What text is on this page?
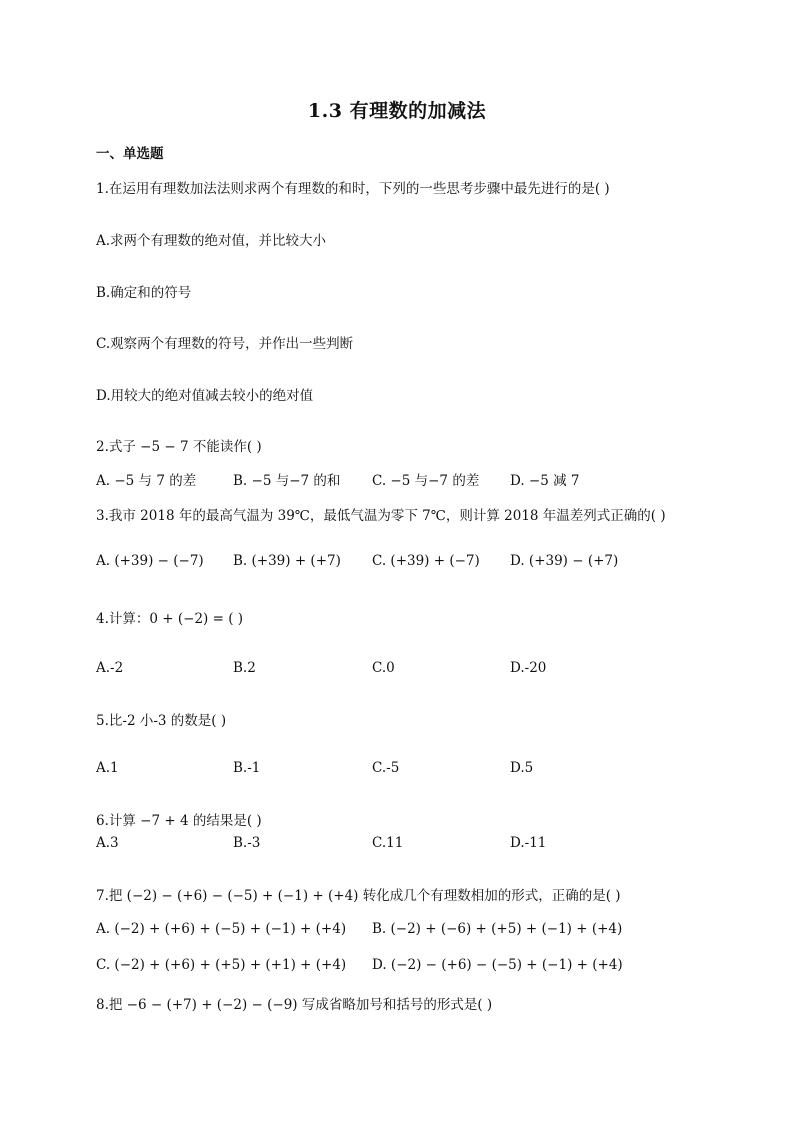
1.3 有理数的加减法
一、单选题
1.在运用有理数加法法则求两个有理数的和时，下列的一些思考步骤中最先进行的是( )
A.求两个有理数的绝对值，并比较大小
B.确定和的符号
C.观察两个有理数的符号，并作出一些判断
D.用较大的绝对值减去较小的绝对值
2.式子 −5 − 7 不能读作( )
A. −5 与 7 的差	B. −5 与−7 的和 C. −5 与−7 的差 D. −5 减 7
3.我市 2018 年的最高气温为 39℃，最低气温为零下 7℃，则计算 2018 年温差列式正确的( )
A. (+39) − (−7) B. (+39) + (+7) C. (+39) + (−7) D. (+39) − (+7)
4.计算：0 + (−2) = ( )
A.-2	B.2	C.0	D.-20
5.比-2 小-3 的数是( )
A.1	B.-1	C.-5	D.5
6.计算 −7 + 4 的结果是( )
A.3	B.-3	C.11	D.-11
7.把 (−2) − (+6) − (−5) + (−1) + (+4) 转化成几个有理数相加的形式，正确的是( )
A. (−2) + (+6) + (−5) + (−1) + (+4) B. (−2) + (−6) + (+5) + (−1) + (+4)
C. (−2) + (+6) + (+5) + (+1) + (+4) D. (−2) − (+6) − (−5) + (−1) + (+4)
8.把 −6 − (+7) + (−2) − (−9) 写成省略加号和括号的形式是( )
